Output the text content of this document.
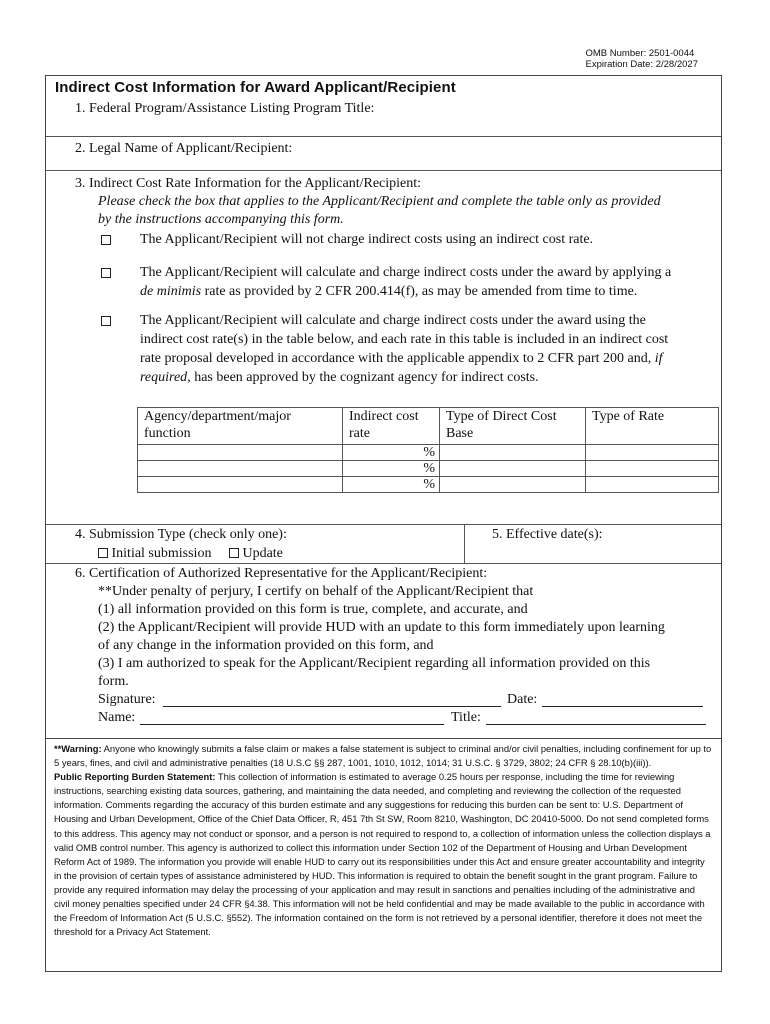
OMB Number: 2501-0044
Expiration Date: 2/28/2027
Indirect Cost Information for Award Applicant/Recipient
1. Federal Program/Assistance Listing Program Title:
2. Legal Name of Applicant/Recipient:
3. Indirect Cost Rate Information for the Applicant/Recipient:
Please check the box that applies to the Applicant/Recipient and complete the table only as provided
by the instructions accompanying this form.
The Applicant/Recipient will not charge indirect costs using an indirect cost rate.
The Applicant/Recipient will calculate and charge indirect costs under the award by applying a
de minimis rate as provided by 2 CFR 200.414(f), as may be amended from time to time.
The Applicant/Recipient will calculate and charge indirect costs under the award using the
indirect cost rate(s) in the table below, and each rate in this table is included in an indirect cost
rate proposal developed in accordance with the applicable appendix to 2 CFR part 200 and, if
required, has been approved by the cognizant agency for indirect costs.
Agency/department/major function	Indirect cost rate	Type of Direct Cost Base	Type of Rate
	%		
	%		
	%		
4. Submission Type (check only one):
Initial submission Update
5. Effective date(s):
6. Certification of Authorized Representative for the Applicant/Recipient:
**Under penalty of perjury, I certify on behalf of the Applicant/Recipient that
(1) all information provided on this form is true, complete, and accurate, and
(2) the Applicant/Recipient will provide HUD with an update to this form immediately upon learning
of any change in the information provided on this form, and
(3) I am authorized to speak for the Applicant/Recipient regarding all information provided on this
form.
Signature:	Date:
Name:	Title:
**Warning: Anyone who knowingly submits a false claim or makes a false statement is subject to criminal and/or civil penalties, including confinement for up to 5 years, fines, and civil and administrative penalties (18 U.S.C §§ 287, 1001, 1010, 1012, 1014; 31 U.S.C. § 3729, 3802; 24 CFR § 28.10(b)(iii)).
Public Reporting Burden Statement: This collection of information is estimated to average 0.25 hours per response, including the time for reviewing instructions, searching existing data sources, gathering, and maintaining the data needed, and completing and reviewing the collection of the requested information. Comments regarding the accuracy of this burden estimate and any suggestions for reducing this burden can be sent to: U.S. Department of Housing and Urban Development, Office of the Chief Data Officer, R, 451 7th St SW, Room 8210, Washington, DC 20410-5000. Do not send completed forms to this address. This agency may not conduct or sponsor, and a person is not required to respond to, a collection of information unless the collection displays a valid OMB control number. This agency is authorized to collect this information under Section 102 of the Department of Housing and Urban Development Reform Act of 1989. The information you provide will enable HUD to carry out its responsibilities under this Act and ensure greater accountability and integrity in the provision of certain types of assistance administered by HUD. This information is required to obtain the benefit sought in the grant program. Failure to provide any required information may delay the processing of your application and may result in sanctions and penalties including of the administrative and civil money penalties specified under 24 CFR §4.38. This information will not be held confidential and may be made available to the public in accordance with the Freedom of Information Act (5 U.S.C. §552). The information contained on the form is not retrieved by a personal identifier, therefore it does not meet the threshold for a Privacy Act Statement.
